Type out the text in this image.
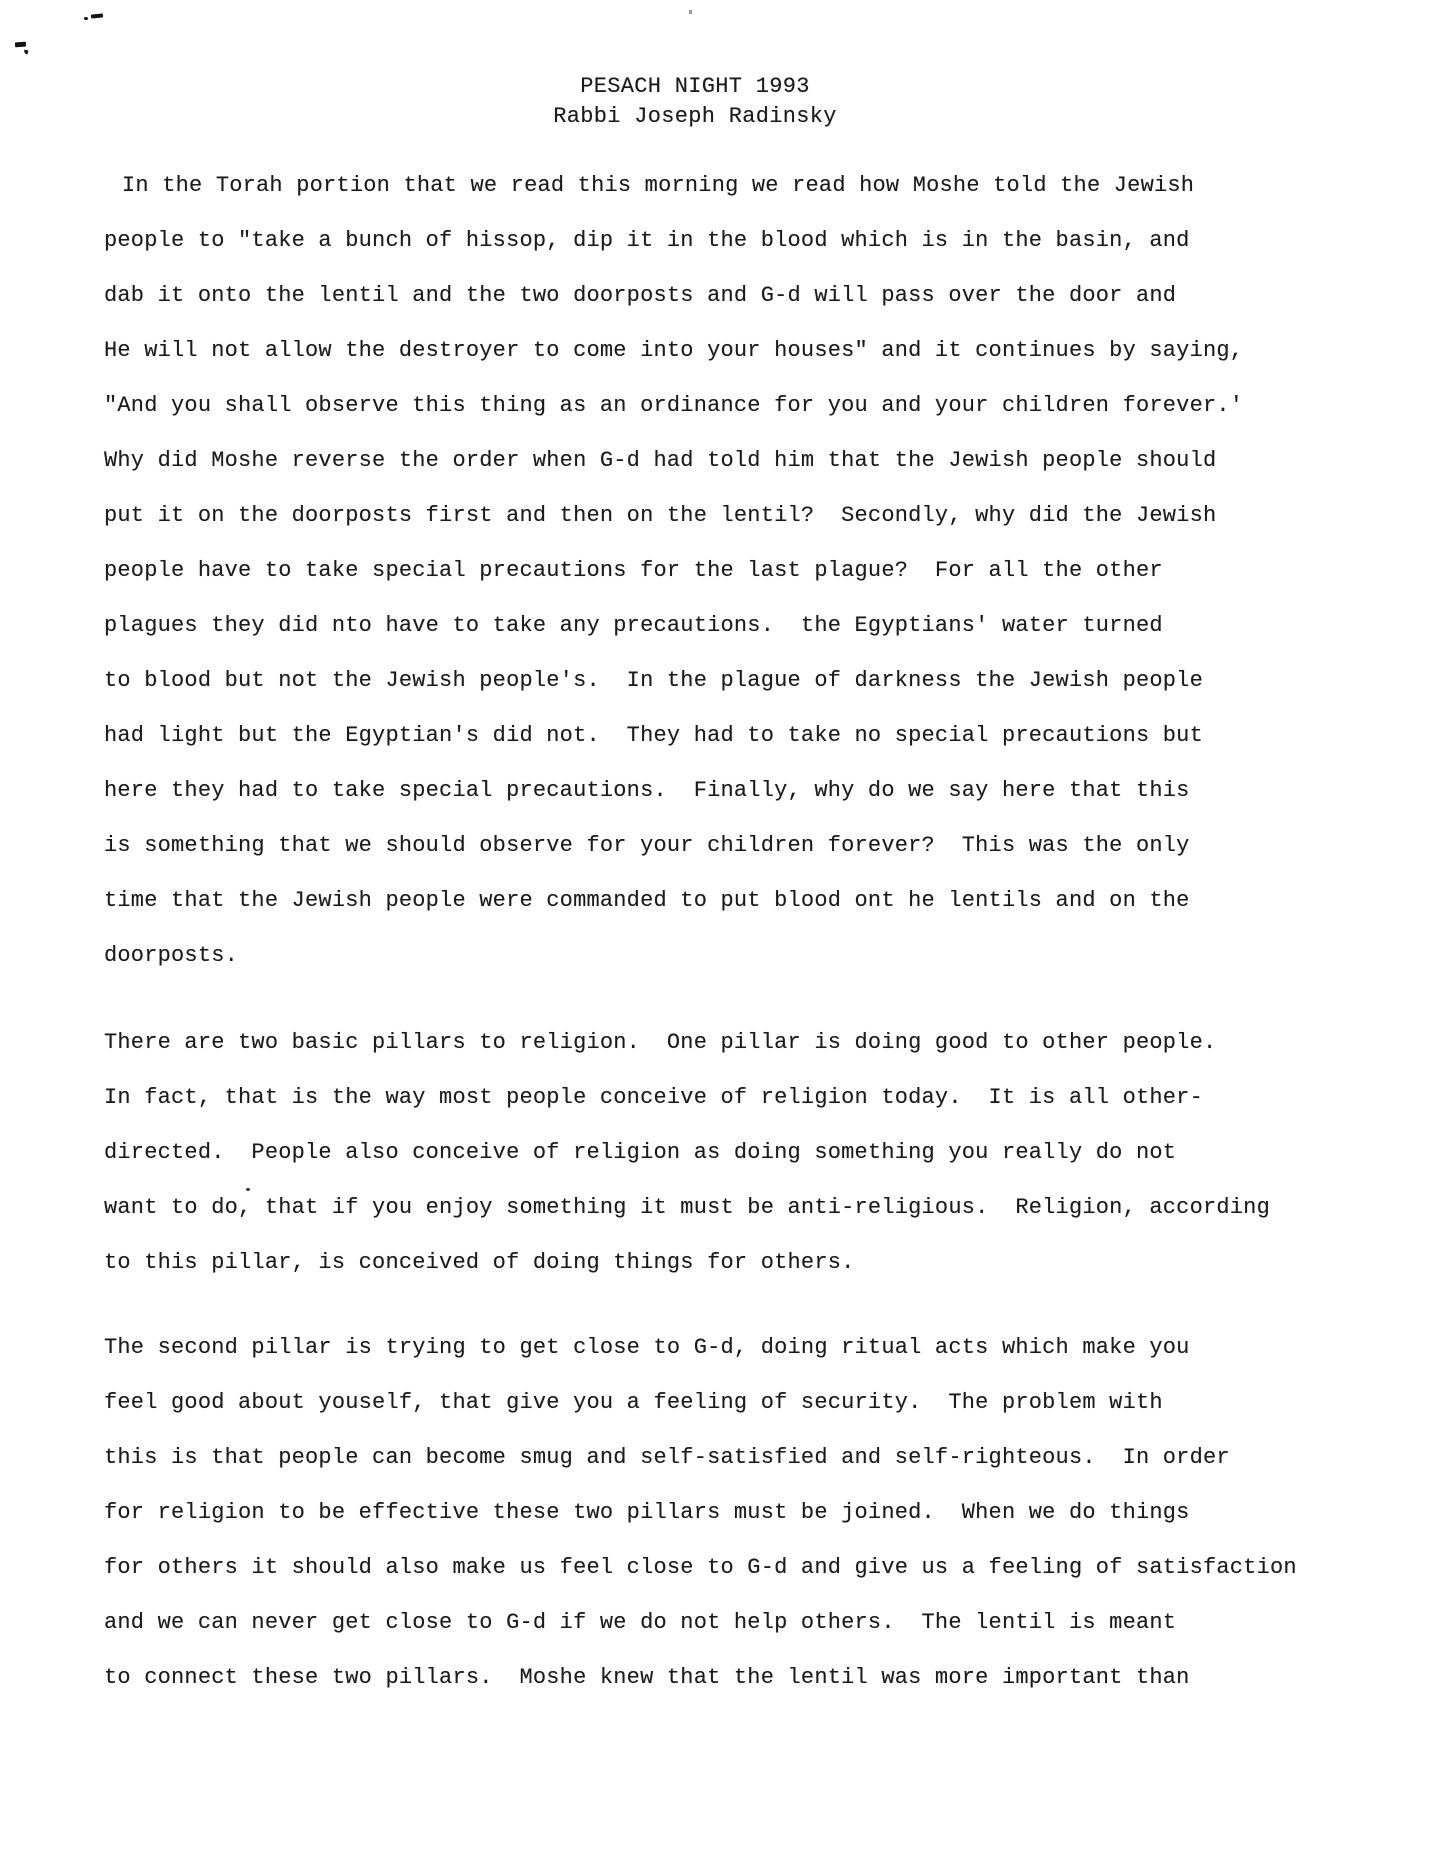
PESACH NIGHT 1993
Rabbi Joseph Radinsky
In the Torah portion that we read this morning we read how Moshe told the Jewish
people to "take a bunch of hissop, dip it in the blood which is in the basin, and
dab it onto the lentil and the two doorposts and G-d will pass over the door and
He will not allow the destroyer to come into your houses" and it continues by saying,
"And you shall observe this thing as an ordinance for you and your children forever.'
Why did Moshe reverse the order when G-d had told him that the Jewish people should
put it on the doorposts first and then on the lentil?  Secondly, why did the Jewish
people have to take special precautions for the last plague?  For all the other
plagues they did nto have to take any precautions.  the Egyptians' water turned
to blood but not the Jewish people's.  In the plague of darkness the Jewish people
had light but the Egyptian's did not.  They had to take no special precautions but
here they had to take special precautions.  Finally, why do we say here that this
is something that we should observe for your children forever?  This was the only
time that the Jewish people were commanded to put blood ont he lentils and on the
doorposts.
There are two basic pillars to religion.  One pillar is doing good to other people.
In fact, that is the way most people conceive of religion today.  It is all other-
directed.  People also conceive of religion as doing something you really do not
want to do, that if you enjoy something it must be anti-religious.  Religion, according
to this pillar, is conceived of doing things for others.
The second pillar is trying to get close to G-d, doing ritual acts which make you
feel good about youself, that give you a feeling of security.  The problem with
this is that people can become smug and self-satisfied and self-righteous.  In order
for religion to be effective these two pillars must be joined.  When we do things
for others it should also make us feel close to G-d and give us a feeling of satisfaction
and we can never get close to G-d if we do not help others.  The lentil is meant
to connect these two pillars.  Moshe knew that the lentil was more important than
